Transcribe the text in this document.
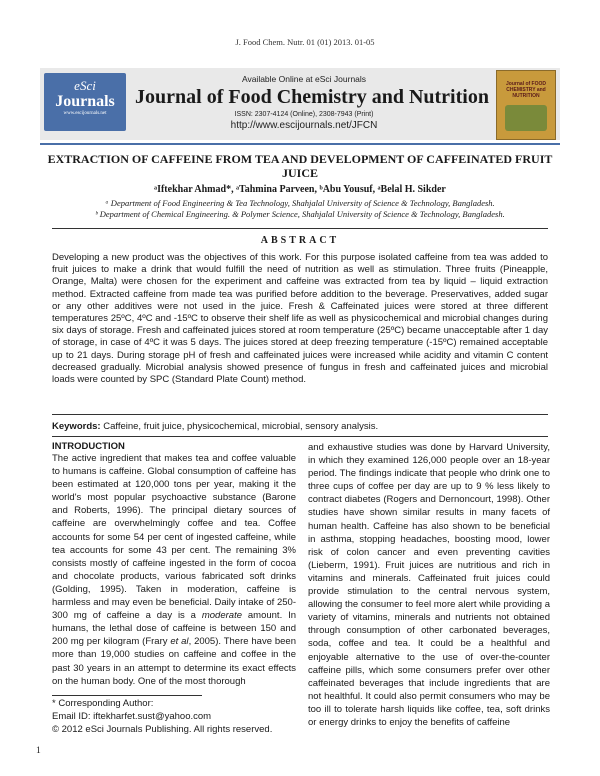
J. Food Chem. Nutr. 01 (01) 2013. 01-05
eSci
Journals
www.escijournals.net
Available Online at eSci Journals
Journal of Food Chemistry and Nutrition
ISSN: 2307-4124 (Online), 2308-7943 (Print)
http://www.escijournals.net/JFCN
Journal of FOOD CHEMISTRY and NUTRITION
EXTRACTION OF CAFFEINE FROM TEA AND DEVELOPMENT OF CAFFEINATED FRUIT JUICE
ᵃIftekhar Ahmad*, ᵃTahmina Parveen, ᵇAbu Yousuf, ᵃBelal H. Sikder
ᵃ Department of Food Engineering & Tea Technology, Shahjalal University of Science & Technology, Bangladesh.
ᵇ Department of Chemical Engineering. & Polymer Science, Shahjalal University of Science & Technology, Bangladesh.
ABSTRACT
Developing a new product was the objectives of this work. For this purpose isolated caffeine from tea was added to fruit juices to make a drink that would fulfill the need of nutrition as well as stimulation. Three fruits (Pineapple, Orange, Malta) were chosen for the experiment and caffeine was extracted from tea by liquid – liquid extraction method. Extracted caffeine from made tea was purified before addition to the beverage. Preservatives, added sugar or any other additives were not used in the juice. Fresh & Caffeinated juices were stored at three different temperatures 25ºC, 4ºC and -15ºC to observe their shelf life as well as physicochemical and microbial changes during six days of storage. Fresh and caffeinated juices stored at room temperature (25ºC) became unacceptable after 1 day of storage, in case of 4ºC it was 5 days. The juices stored at deep freezing temperature (-15ºC) remained acceptable up to 21 days. During storage pH of fresh and caffeinated juices were increased while acidity and vitamin C content decreased gradually. Microbial analysis showed presence of fungus in fresh and caffeinated juices and microbial loads were counted by SPC (Standard Plate Count) method.
Keywords: Caffeine, fruit juice, physicochemical, microbial, sensory analysis.
INTRODUCTION
The active ingredient that makes tea and coffee valuable to humans is caffeine. Global consumption of caffeine has been estimated at 120,000 tons per year, making it the world's most popular psychoactive substance (Barone and Roberts, 1996). The principal dietary sources of caffeine are overwhelmingly coffee and tea. Coffee accounts for some 54 per cent of ingested caffeine, while tea accounts for some 43 per cent. The remaining 3% consists mostly of caffeine ingested in the form of cocoa and chocolate products, various fabricated soft drinks (Golding, 1995). Taken in moderation, caffeine is harmless and may even be beneficial. Daily intake of 250-300 mg of caffeine a day is a moderate amount. In humans, the lethal dose of caffeine is between 150 and 200 mg per kilogram (Frary et al, 2005). There have been more than 19,000 studies on caffeine and coffee in the past 30 years in an attempt to determine its exact effects on the human body. One of the most thorough
and exhaustive studies was done by Harvard University, in which they examined 126,000 people over an 18-year period. The findings indicate that people who drink one to three cups of coffee per day are up to 9 % less likely to contract diabetes (Rogers and Dernoncourt, 1998). Other studies have shown similar results in many facets of human health. Caffeine has also shown to be beneficial in asthma, stopping headaches, boosting mood, lower risk of colon cancer and even preventing cavities (Lieberm, 1991). Fruit juices are nutritious and rich in vitamins and minerals. Caffeinated fruit juices could provide stimulation to the central nervous system, allowing the consumer to feel more alert while providing a variety of vitamins, minerals and nutrients not obtained through consumption of other carbonated beverages, soda, coffee and tea. It could be a healthful and enjoyable alternative to the use of over-the-counter caffeine pills, which some consumers prefer over other caffeinated beverages that include ingredients that are not healthful. It could also permit consumers who may be too ill to tolerate harsh liquids like coffee, tea, soft drinks or energy drinks to enjoy the benefits of caffeine
* Corresponding Author:
Email ID: iftekharfet.sust@yahoo.com
© 2012 eSci Journals Publishing. All rights reserved.
1
